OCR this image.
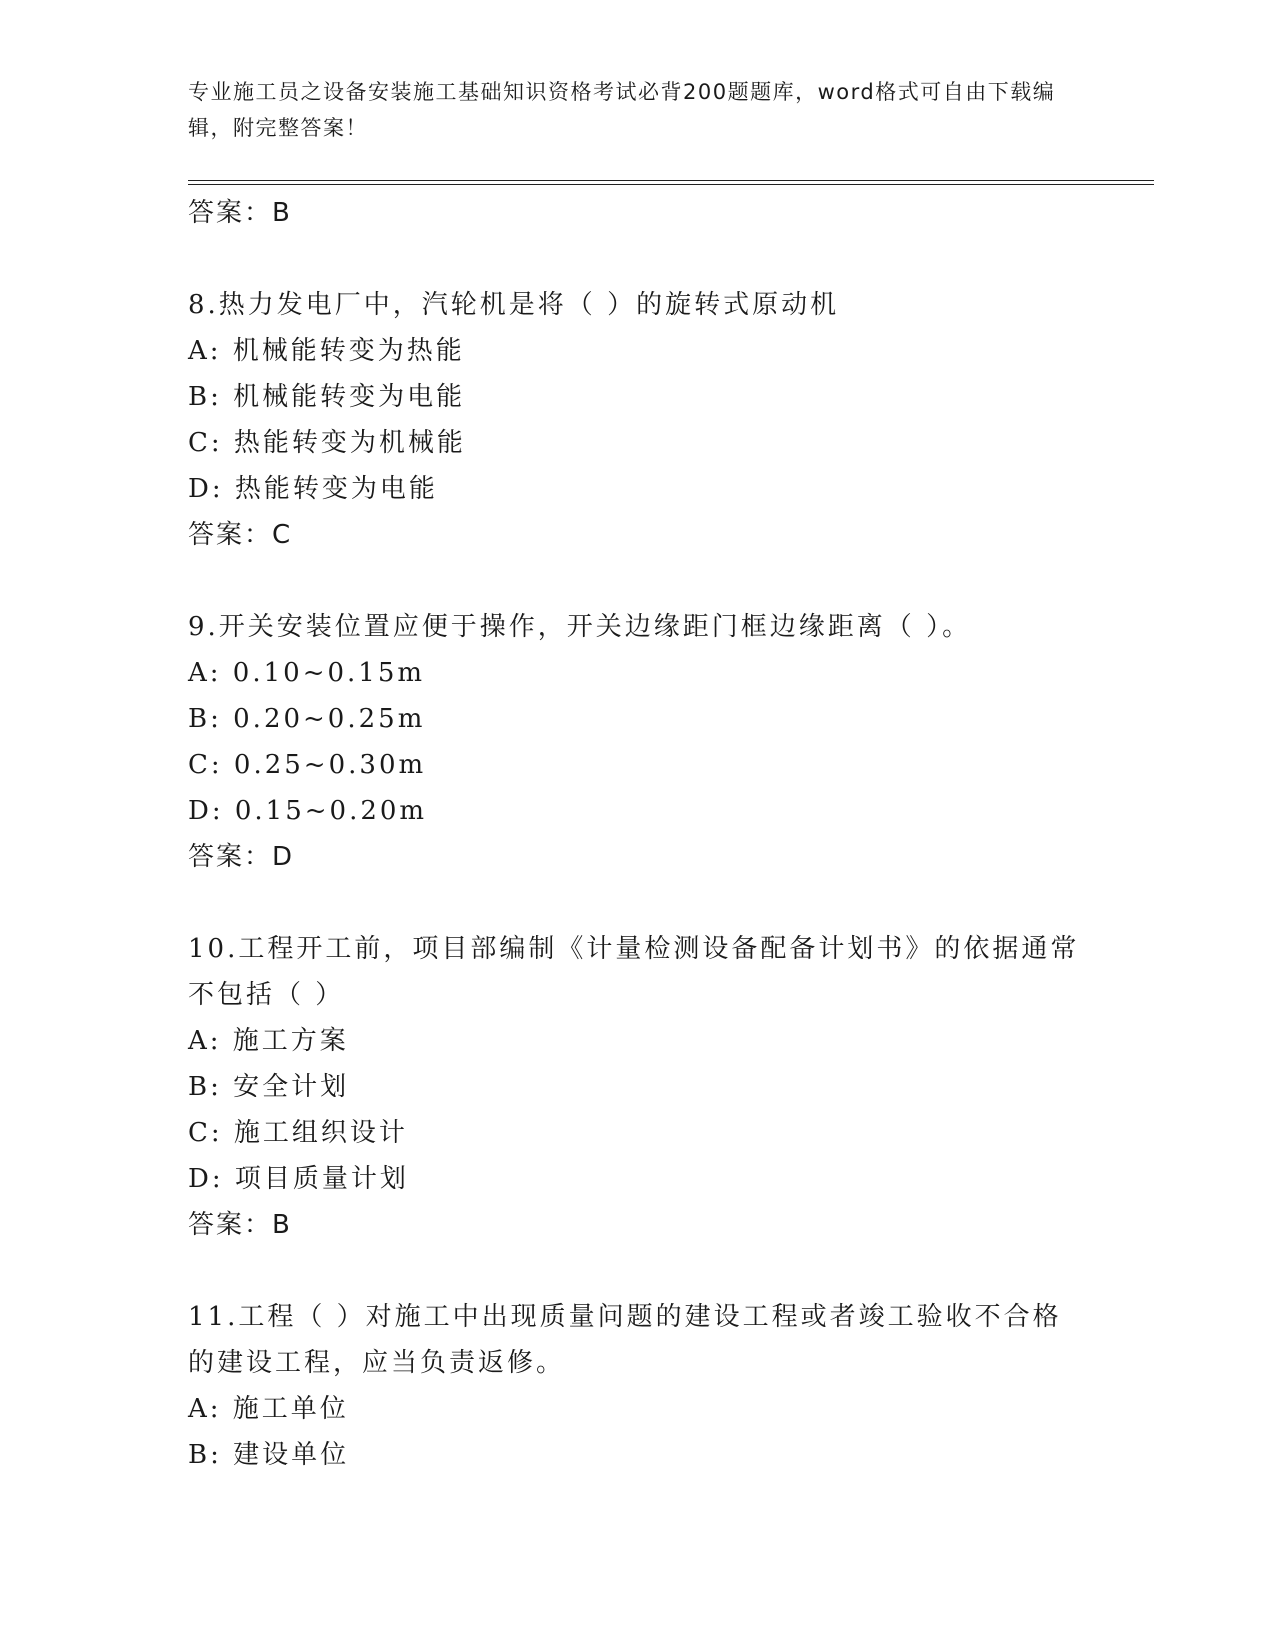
专业施工员之设备安装施工基础知识资格考试必背200题题库，word格式可自由下载编辑，附完整答案！
答案：B
8.热力发电厂中，汽轮机是将（ ）的旋转式原动机
A: 机械能转变为热能
B: 机械能转变为电能
C: 热能转变为机械能
D: 热能转变为电能
答案：C
9.开关安装位置应便于操作，开关边缘距门框边缘距离（ ）。
A: 0.10~0.15m
B: 0.20~0.25m
C: 0.25~0.30m
D: 0.15~0.20m
答案：D
10.工程开工前，项目部编制《计量检测设备配备计划书》的依据通常不包括（ ）
A: 施工方案
B: 安全计划
C: 施工组织设计
D: 项目质量计划
答案：B
11.工程（ ）对施工中出现质量问题的建设工程或者竣工验收不合格的建设工程，应当负责返修。
A: 施工单位
B: 建设单位
